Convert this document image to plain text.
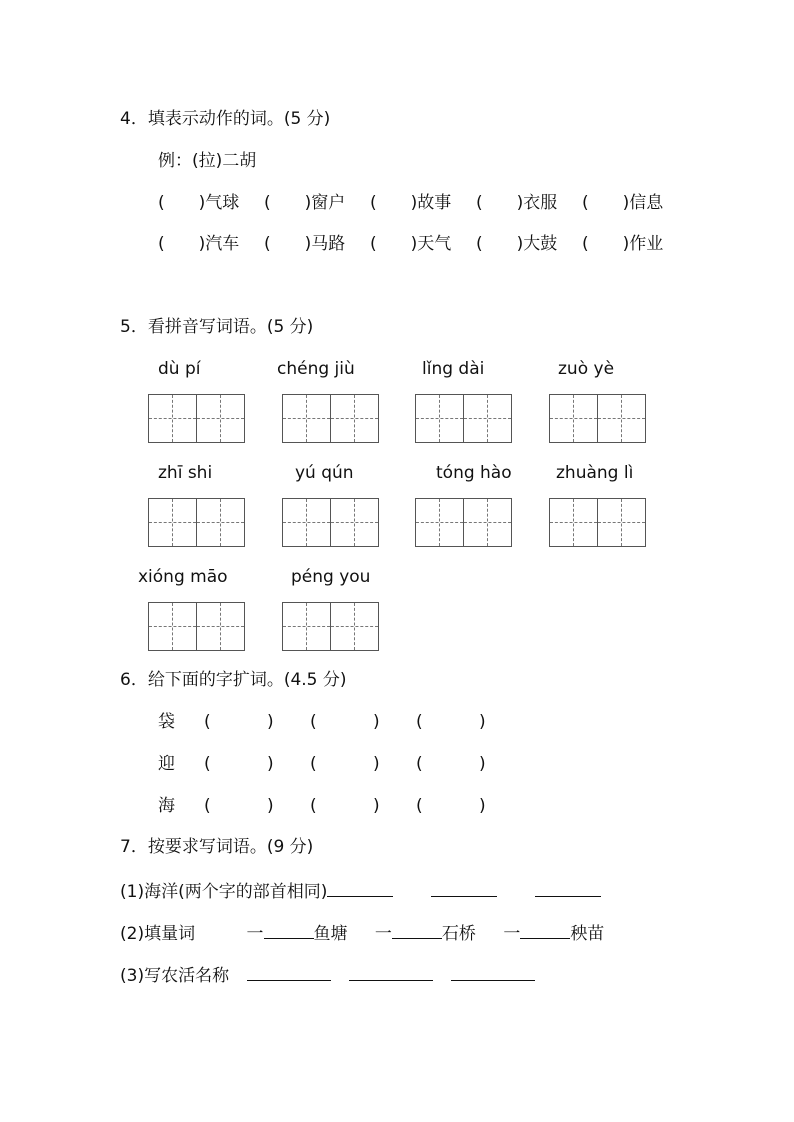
4．填表示动作的词。(5 分)
例：(拉)二胡
(　　)气球 (　　)窗户 (　　)故事 (　　)衣服 (　　)信息
(　　)汽车 (　　)马路 (　　)天气 (　　)大鼓 (　　)作业
5．看拼音写词语。(5 分)
dù pí	chéng jiù	lǐng dài	zuò yè
zhī shi	yú qún	tóng hào	zhuàng lì
xióng māo	péng you
6．给下面的字扩词。(4.5 分)
袋 (　　　 ) (　　　 ) (　　　 )
迎 (　　　 ) (　　　 ) (　　　 )
海 (　　　 ) (　　　 ) (　　　 )
7．按要求写词语。(9 分)
(1)海洋(两个字的部首相同)
(2)填量词	一	鱼塘 一	石桥 一	秧苗
(3)写农活名称
